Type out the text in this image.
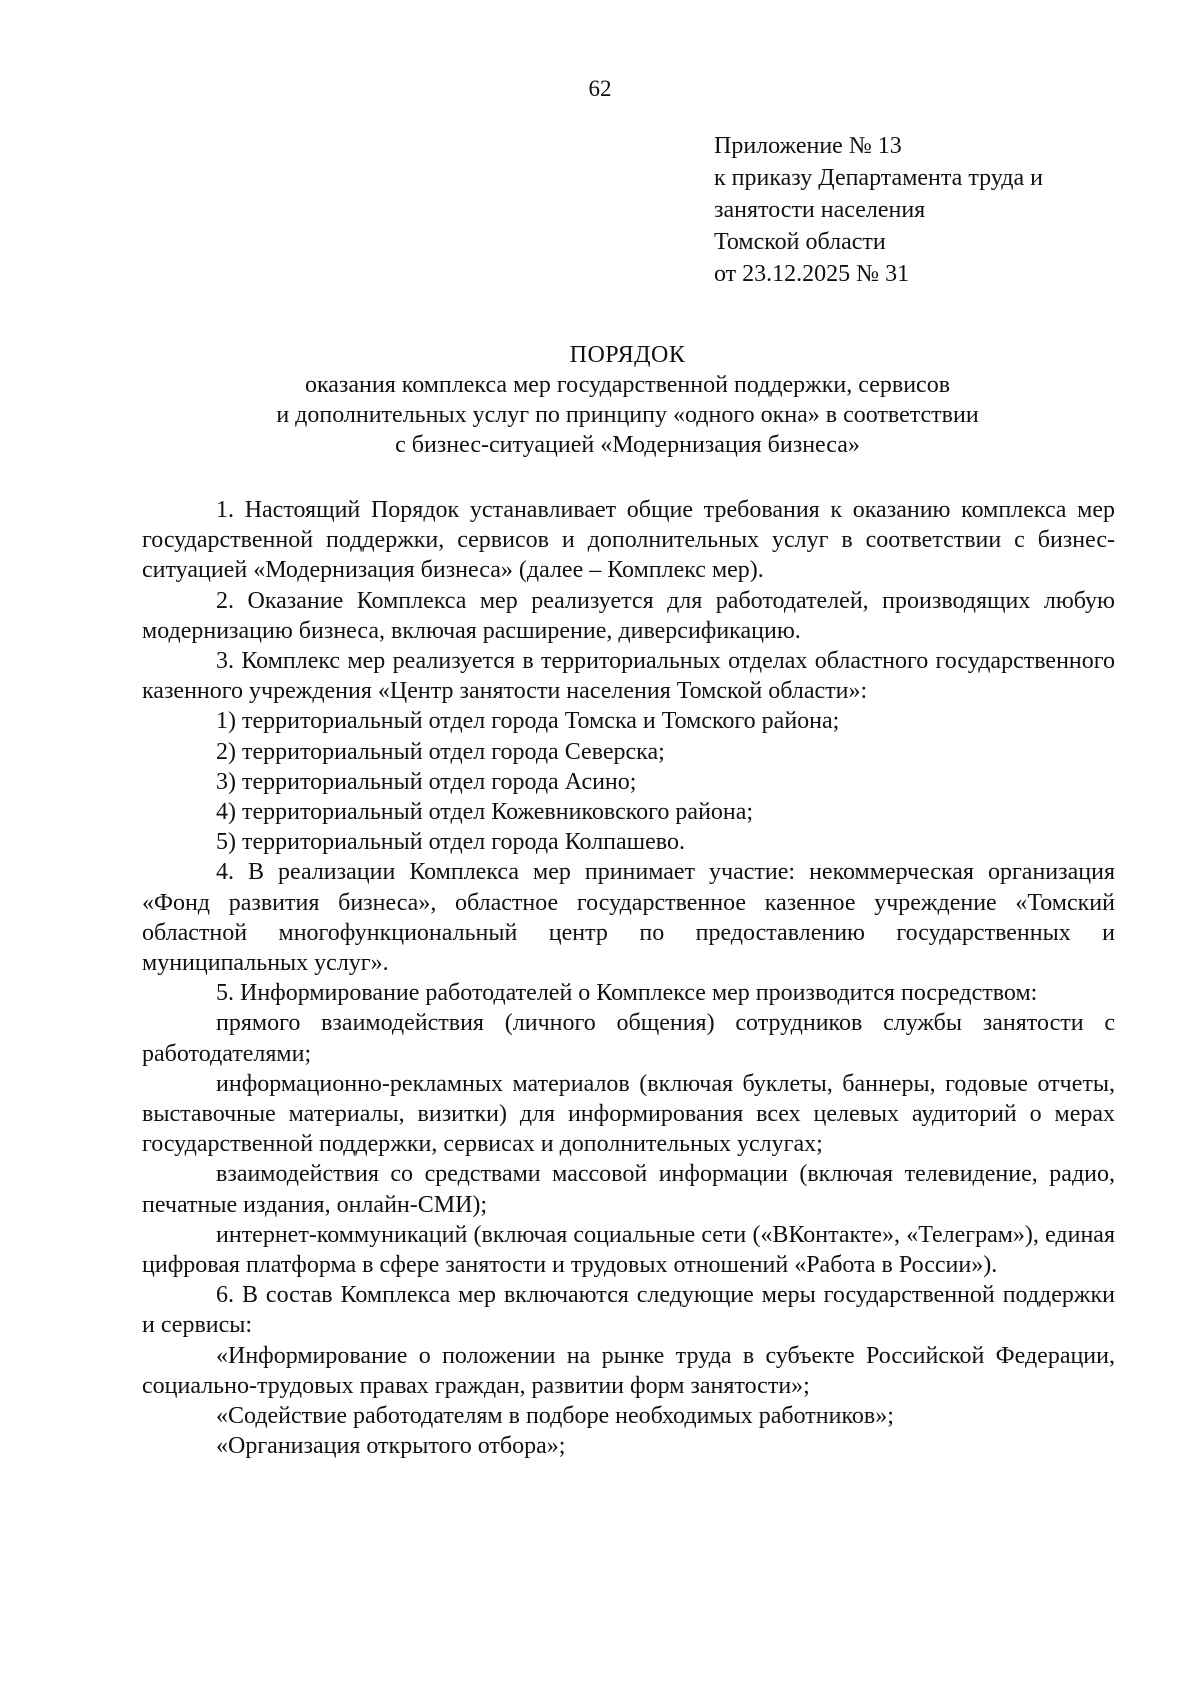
62
Приложение № 13
к приказу Департамента труда и
занятости населения
Томской области
от 23.12.2025 № 31
ПОРЯДОК
оказания комплекса мер государственной поддержки, сервисов
и дополнительных услуг по принципу «одного окна» в соответствии
с бизнес-ситуацией «Модернизация бизнеса»

1. Настоящий Порядок устанавливает общие требования к оказанию комплекса мер государственной поддержки, сервисов и дополнительных услуг в соответствии с бизнес-ситуацией «Модернизация бизнеса» (далее – Комплекс мер).

2. Оказание Комплекса мер реализуется для работодателей, производящих любую модернизацию бизнеса, включая расширение, диверсификацию.

3. Комплекс мер реализуется в территориальных отделах областного государственного казенного учреждения «Центр занятости населения Томской области»:

1) территориальный отдел города Томска и Томского района;

2) территориальный отдел города Северска;

3) территориальный отдел города Асино;

4) территориальный отдел Кожевниковского района;

5) территориальный отдел города Колпашево.

4. В реализации Комплекса мер принимает участие: некоммерческая организация «Фонд развития бизнеса», областное государственное казенное учреждение «Томский областной многофункциональный центр по предоставлению государственных и муниципальных услуг».

5. Информирование работодателей о Комплексе мер производится посредством:

прямого взаимодействия (личного общения) сотрудников службы занятости с работодателями;

информационно-рекламных материалов (включая буклеты, баннеры, годовые отчеты, выставочные материалы, визитки) для информирования всех целевых аудиторий о мерах государственной поддержки, сервисах и дополнительных услугах;

взаимодействия со средствами массовой информации (включая телевидение, радио, печатные издания, онлайн-СМИ);

интернет-коммуникаций (включая социальные сети («ВКонтакте», «Телеграм»), единая цифровая платформа в сфере занятости и трудовых отношений «Работа в России»).

6. В состав Комплекса мер включаются следующие меры государственной поддержки и сервисы:

«Информирование о положении на рынке труда в субъекте Российской Федерации, социально-трудовых правах граждан, развитии форм занятости»;

«Содействие работодателям в подборе необходимых работников»;

«Организация открытого отбора»;
